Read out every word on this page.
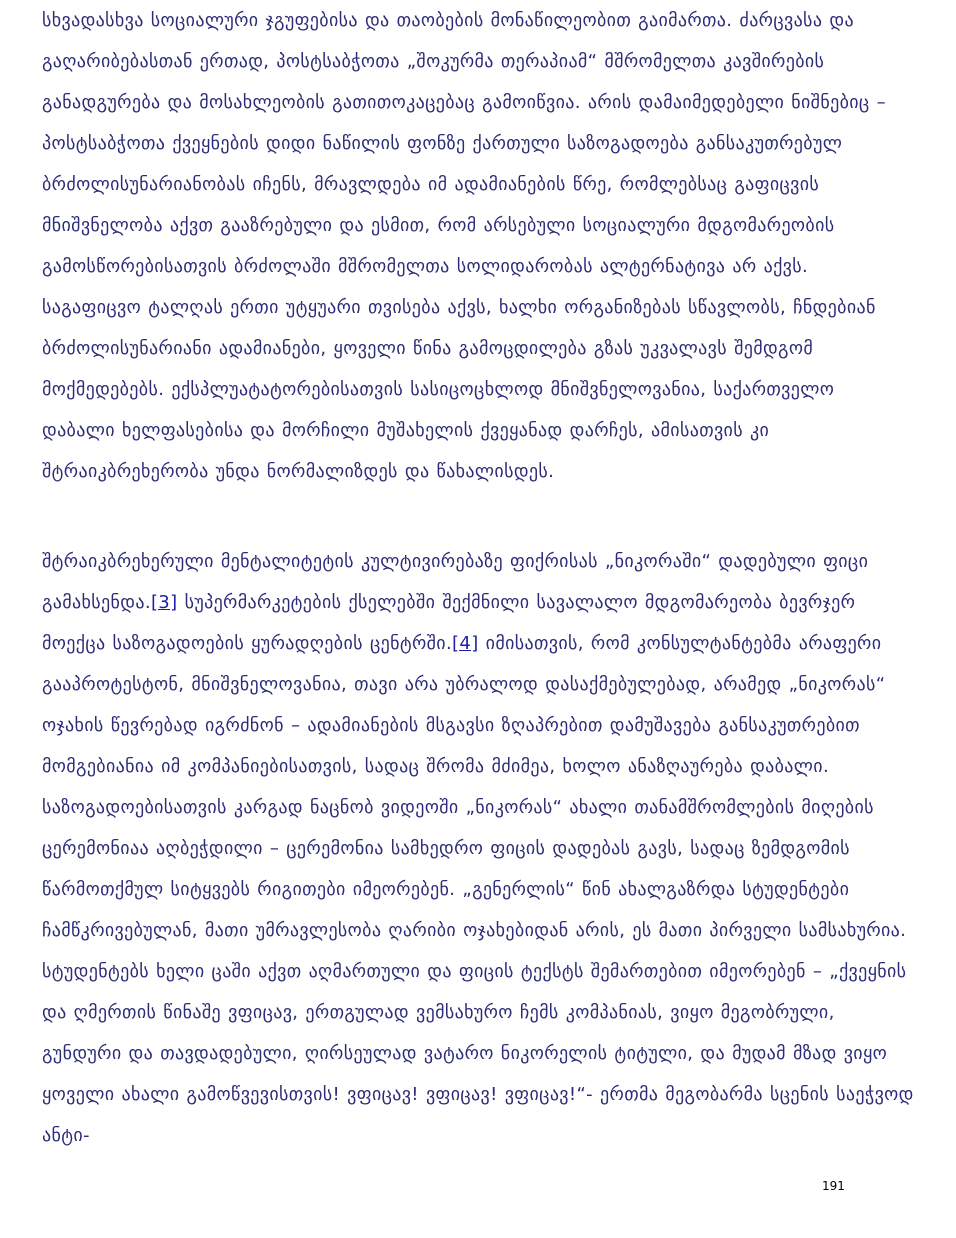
სხვადასხვა სოციალური ჯგუფებისა და თაობების მონაწილეობით გაიმართა. ძარცვასა და გაღარიბებასთან ერთად, პოსტსაბჭოთა „შოკურმა თერაპიამ“ მშრომელთა კავშირების განადგურება და მოსახლეობის გათითოკაცებაც გამოიწვია. არის დამაიმედებელი ნიშნებიც – პოსტსაბჭოთა ქვეყნების დიდი ნაწილის ფონზე ქართული საზოგადოება განსაკუთრებულ ბრძოლისუნარიანობას იჩენს, მრავლდება იმ ადამიანების წრე, რომლებსაც გაფიცვის მნიშვნელობა აქვთ გააზრებული და ესმით, რომ არსებული სოციალური მდგომარეობის გამოსწორებისათვის ბრძოლაში მშრომელთა სოლიდარობას ალტერნატივა არ აქვს. საგაფიცვო ტალღას ერთი უტყუარი თვისება აქვს, ხალხი ორგანიზებას სწავლობს, ჩნდებიან ბრძოლისუნარიანი ადამიანები, ყოველი წინა გამოცდილება გზას უკვალავს შემდგომ მოქმედებებს. ექსპლუატატორებისათვის სასიცოცხლოდ მნიშვნელოვანია, საქართველო დაბალი ხელფასებისა და მორჩილი მუშახელის ქვეყანად დარჩეს, ამისათვის კი შტრაიკბრეხერობა უნდა ნორმალიზდეს და წახალისდეს.

შტრაიკბრეხერული მენტალიტეტის კულტივირებაზე ფიქრისას „ნიკორაში“ დადებული ფიცი გამახსენდა.[3] სუპერმარკეტების ქსელებში შექმნილი სავალალო მდგომარეობა ბევრჯერ მოექცა საზოგადოების ყურადღების ცენტრში.[4] იმისათვის, რომ კონსულტანტებმა არაფერი გააპროტესტონ, მნიშვნელოვანია, თავი არა უბრალოდ დასაქმებულებად, არამედ „ნიკორას“ ოჯახის წევრებად იგრძნონ – ადამიანების მსგავსი ზღაპრებით დამუშავება განსაკუთრებით მომგებიანია იმ კომპანიებისათვის, სადაც შრომა მძიმეა, ხოლო ანაზღაურება დაბალი. საზოგადოებისათვის კარგად ნაცნობ ვიდეოში „ნიკორას“ ახალი თანამშრომლების მიღების ცერემონიაა აღბეჭდილი – ცერემონია სამხედრო ფიცის დადებას გავს, სადაც ზემდგომის წარმოთქმულ სიტყვებს რიგითები იმეორებენ. „გენერლის“ წინ ახალგაზრდა სტუდენტები ჩამწკრივებულან, მათი უმრავლესობა ღარიბი ოჯახებიდან არის, ეს მათი პირველი სამსახურია. სტუდენტებს ხელი ცაში აქვთ აღმართული და ფიცის ტექსტს შემართებით იმეორებენ – „ქვეყნის და ღმერთის წინაშე ვფიცავ, ერთგულად ვემსახურო ჩემს კომპანიას, ვიყო მეგობრული, გუნდური და თავდადებული, ღირსეულად ვატარო ნიკორელის ტიტული, და მუდამ მზად ვიყო ყოველი ახალი გამოწვევისთვის! ვფიცავ! ვფიცავ! ვფიცავ!“- ერთმა მეგობარმა სცენის საეჭვოდ ანტი-

191
